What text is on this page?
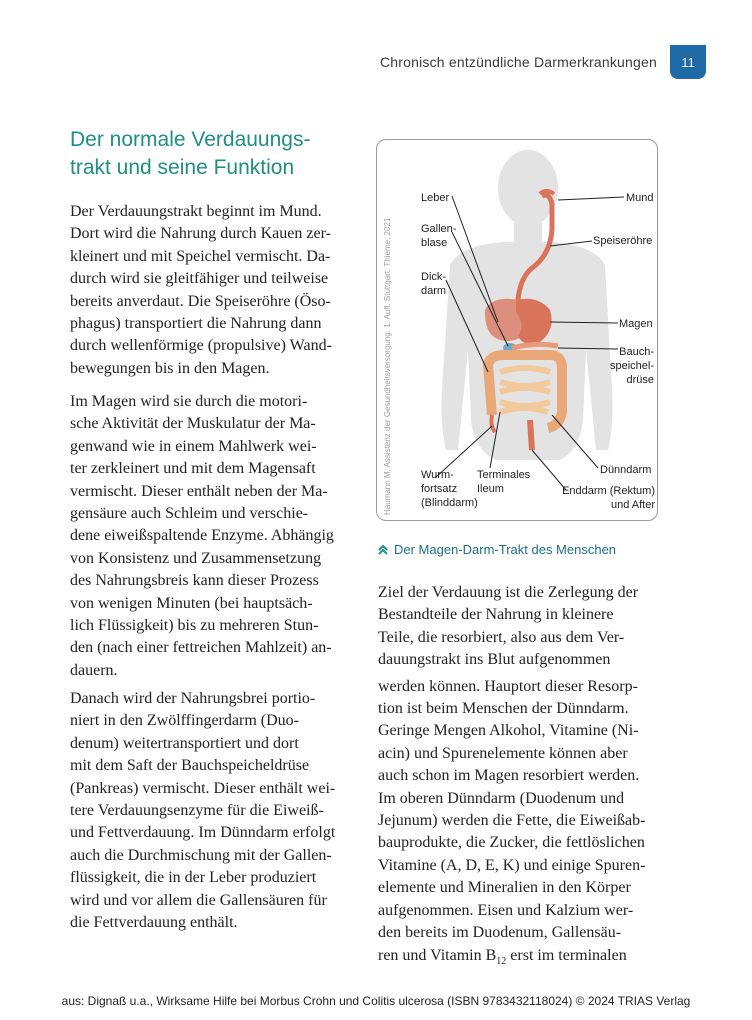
Chronisch entzündliche Darmerkrankungen	11
Der normale Verdauungs-
trakt und seine Funktion
Der Verdauungstrakt beginnt im Mund.
Dort wird die Nahrung durch Kauen zer-
kleinert und mit Speichel vermischt. Da-
durch wird sie gleitfähiger und teilweise
bereits anverdaut. Die Speiseröhre (Öso-
phagus) transportiert die Nahrung dann
durch wellenförmige (propulsive) Wand-
bewegungen bis in den Magen.
Im Magen wird sie durch die motori-
sche Aktivität der Muskulatur der Ma-
genwand wie in einem Mahlwerk wei-
ter zerkleinert und mit dem Magensaft
vermischt. Dieser enthält neben der Ma-
gensäure auch Schleim und verschie-
dene eiweißspaltende Enzyme. Abhängig
von Konsistenz und Zusammensetzung
des Nahrungsbreis kann dieser Prozess
von wenigen Minuten (bei hauptsäch-
lich Flüssigkeit) bis zu mehreren Stun-
den (nach einer fettreichen Mahlzeit) an-
dauern.
Danach wird der Nahrungsbrei portio-
niert in den Zwölffingerdarm (Duo-
denum) weitertransportiert und dort
mit dem Saft der Bauchspeicheldrüse
(Pankreas) vermischt. Dieser enthält wei-
tere Verdauungsenzyme für die Eiweiß-
und Fettverdauung. Im Dünndarm erfolgt
auch die Durchmischung mit der Gallen-
flüssigkeit, die in der Leber produziert
wird und vor allem die Gallensäuren für
die Fettverdauung enthält.
Haumann M. Assistenz der Gesundheitsversorgung. 1. Aufl. Stuttgart: Thieme; 2021
Leber
Gallen-
blase
Dick-
darm
Wurm-
fortsatz
(Blinddarm)
Terminales
Ileum
Mund
Speiseröhre
Magen
Bauch-
speichel-
drüse
Dünndarm
Enddarm (Rektum)
und After
Der Magen-Darm-Trakt des Menschen
Ziel der Verdauung ist die Zerlegung der
Bestandteile der Nahrung in kleinere
Teile, die resorbiert, also aus dem Ver-
dauungstrakt ins Blut aufgenommen
werden können. Hauptort dieser Resorp-
tion ist beim Menschen der Dünndarm.
Geringe Mengen Alkohol, Vitamine (Ni-
acin) und Spurenelemente können aber
auch schon im Magen resorbiert werden.
Im oberen Dünndarm (Duodenum und
Jejunum) werden die Fette, die Eiweißab-
bauprodukte, die Zucker, die fettlöslichen
Vitamine (A, D, E, K) und einige Spuren-
elemente und Mineralien in den Körper
aufgenommen. Eisen und Kalzium wer-
den bereits im Duodenum, Gallensäu-
ren und Vitamin $B_{12}$ erst im terminalen
aus: Dignaß u.a., Wirksame Hilfe bei Morbus Crohn und Colitis ulcerosa (ISBN 9783432118024) © 2024 TRIAS Verlag
